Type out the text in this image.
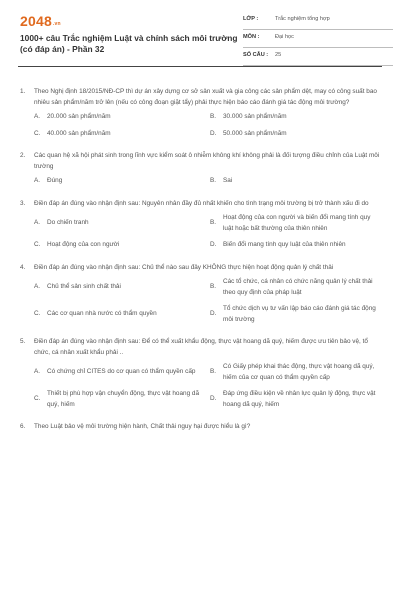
$2048^{.vn}$
1000+ câu Trắc nghiệm Luật và chính sách môi trường (có đáp án) - Phần 32
LỚP :	Trắc nghiệm tổng hợp
MÔN :	Đại học
SỐ CÂU : 25
1.	Theo Nghị định 18/2015/NĐ-CP thì dự án xây dựng cơ sở sản xuất và gia công các sản phẩm dệt, may có công suất bao nhiêu sản phẩm/năm trở lên (nếu có công đoạn giặt tẩy) phải thực hiện báo cáo đánh giá tác động môi trường?
A.	20.000 sản phẩm/năm	B.	30.000 sản phẩm/năm
C.	40.000 sản phẩm/năm	D.	50.000 sản phẩm/năm
2.	Các quan hệ xã hội phát sinh trong lĩnh vực kiểm soát ô nhiễm không khí không phải là đối tượng điều chỉnh của Luật môi trường
A.	Đúng	B.	Sai
3.	Điền đáp án đúng vào nhận định sau: Nguyên nhân đầy đủ nhất khiến cho tình trạng môi trường bị trở thành xấu đi do
A.	Do chiến tranh	B.
Hoạt động của con người và biến đổi mang tính quy luật hoặc bất thường của thiên nhiên
C.	Hoạt động của con người	D.	Biến đổi mang tính quy luật của thiên nhiên
4.	Điền đáp án đúng vào nhận định sau: Chủ thể nào sau đây KHÔNG thực hiện hoạt động quản lý chất thải
A.	Chủ thể sản sinh chất thải	B.
Các tổ chức, cá nhân có chức năng quản lý chất thải theo quy định của pháp luật
C.	Các cơ quan nhà nước có thẩm quyền	D.
Tổ chức dịch vụ tư vấn lập báo cáo đánh giá tác động môi trường
5.	Điền đáp án đúng vào nhận định sau: Để có thể xuất khẩu động, thực vật hoang dã quý, hiếm được ưu tiên bảo vệ, tổ chức, cá nhân xuất khẩu phải ..
A.	Có chứng chỉ CITES do cơ quan có thẩm quyền cấp	B.
Có Giấy phép khai thác động, thực vật hoang dã quý, hiếm của cơ quan có thẩm quyền cấp
C.
Thiết bị phù hợp vận chuyển động, thực vật hoang dã quý, hiếm
D.
Đáp ứng điều kiện về nhân lực quản lý động, thực vật hoang dã quý, hiếm
6.	Theo Luật bảo vệ môi trường hiện hành, Chất thải nguy hại được hiểu là gì?
